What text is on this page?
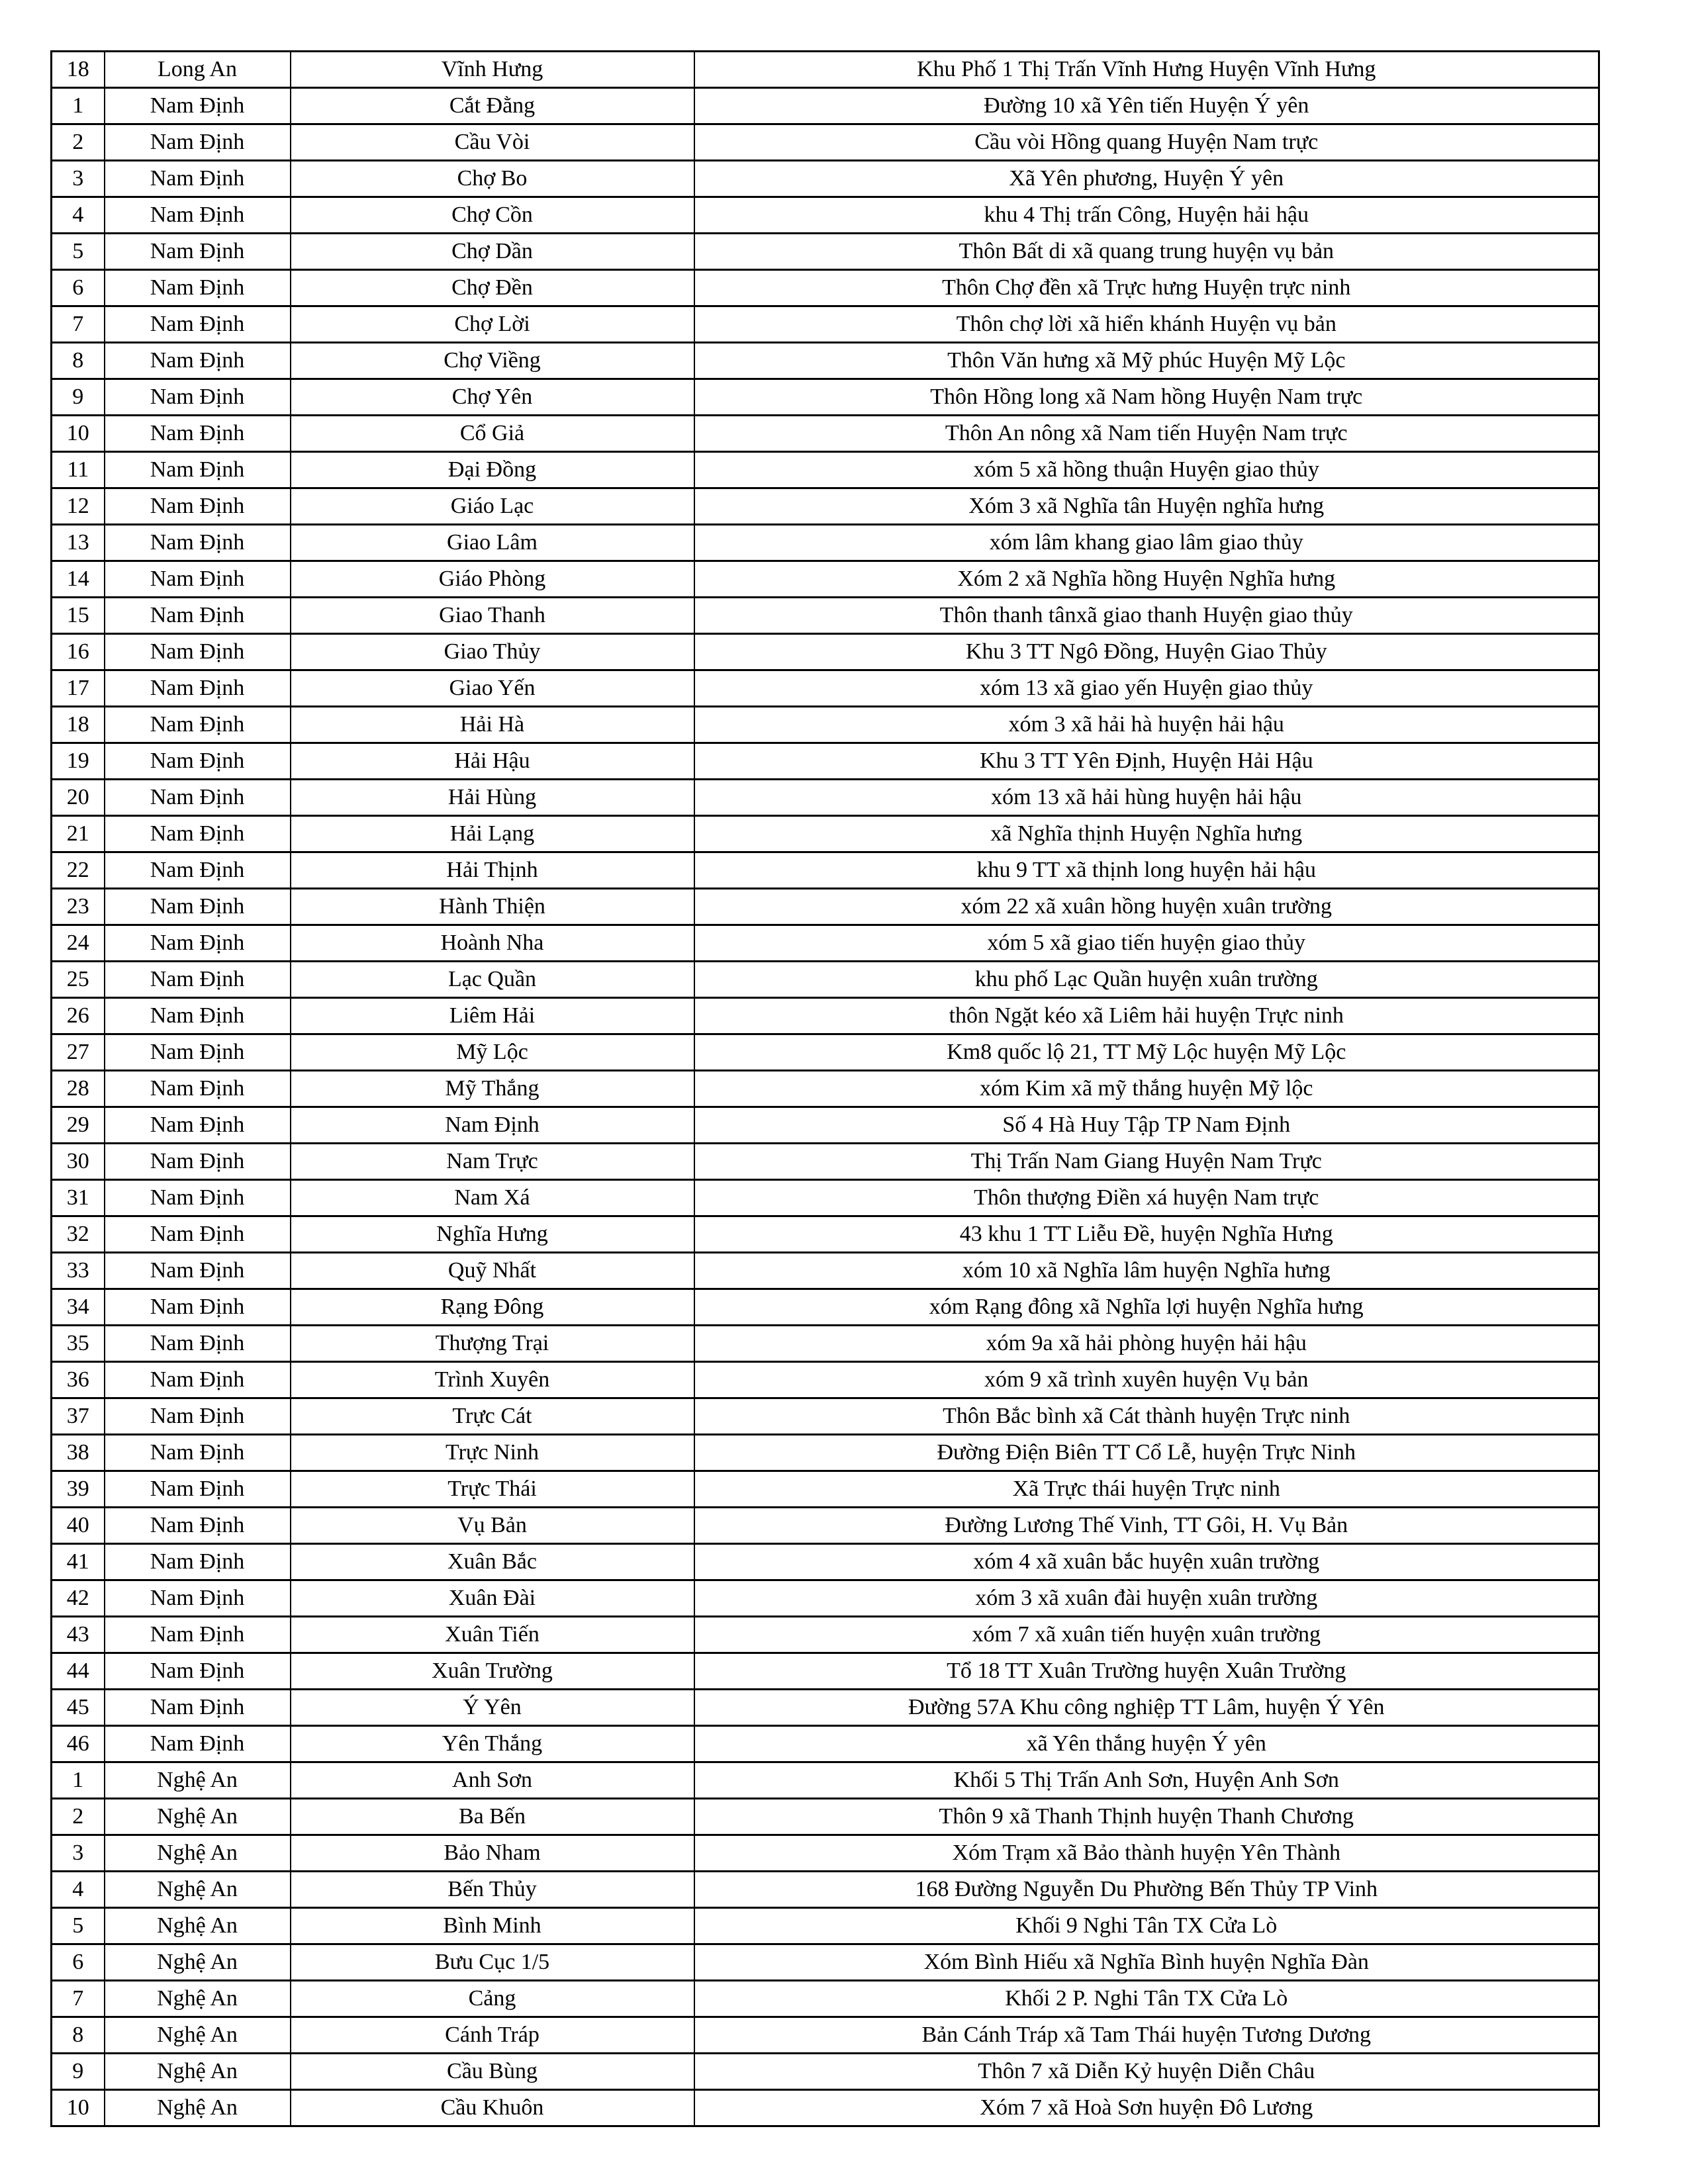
18	Long An	Vĩnh Hưng	Khu Phố 1 Thị Trấn Vĩnh Hưng Huyện Vĩnh Hưng
1	Nam Định	Cắt Đằng	Đường 10 xã Yên tiến Huyện Ý yên
2	Nam Định	Cầu Vòi	Cầu vòi Hồng quang Huyện Nam trực
3	Nam Định	Chợ Bo	Xã Yên phương, Huyện Ý yên
4	Nam Định	Chợ Cồn	khu 4 Thị trấn Công, Huyện hải hậu
5	Nam Định	Chợ Dần	Thôn Bất di xã quang trung huyện vụ bản
6	Nam Định	Chợ Đền	Thôn Chợ đền xã Trực hưng Huyện trực ninh
7	Nam Định	Chợ Lời	Thôn chợ lời xã hiển khánh Huyện vụ bản
8	Nam Định	Chợ Viềng	Thôn Văn hưng xã Mỹ phúc Huyện Mỹ Lộc
9	Nam Định	Chợ Yên	Thôn Hồng long xã Nam hồng Huyện Nam trực
10	Nam Định	Cổ Giả	Thôn An nông xã Nam tiến Huyện Nam trực
11	Nam Định	Đại Đồng	xóm 5 xã hồng thuận Huyện giao thủy
12	Nam Định	Giáo Lạc	Xóm 3 xã Nghĩa tân Huyện nghĩa hưng
13	Nam Định	Giao Lâm	xóm lâm khang giao lâm giao thủy
14	Nam Định	Giáo Phòng	Xóm 2 xã Nghĩa hồng Huyện Nghĩa hưng
15	Nam Định	Giao Thanh	Thôn thanh tânxã giao thanh Huyện giao thủy
16	Nam Định	Giao Thủy	Khu 3 TT Ngô Đồng, Huyện Giao Thủy
17	Nam Định	Giao Yến	xóm 13 xã giao yến Huyện giao thủy
18	Nam Định	Hải Hà	xóm 3 xã hải hà huyện hải hậu
19	Nam Định	Hải Hậu	Khu 3 TT Yên Định, Huyện Hải Hậu
20	Nam Định	Hải Hùng	xóm 13 xã hải hùng huyện hải hậu
21	Nam Định	Hải Lạng	xã Nghĩa thịnh Huyện Nghĩa hưng
22	Nam Định	Hải Thịnh	khu 9 TT xã thịnh long huyện hải hậu
23	Nam Định	Hành Thiện	xóm 22 xã xuân hồng huyện xuân trường
24	Nam Định	Hoành Nha	xóm 5 xã giao tiến huyện giao thủy
25	Nam Định	Lạc Quần	khu phố Lạc Quần huyện xuân trường
26	Nam Định	Liêm Hải	thôn Ngặt kéo xã Liêm hải huyện Trực ninh
27	Nam Định	Mỹ Lộc	Km8 quốc lộ 21, TT Mỹ Lộc huyện Mỹ Lộc
28	Nam Định	Mỹ Thắng	xóm Kim xã mỹ thắng huyện Mỹ lộc
29	Nam Định	Nam Định	Số 4 Hà Huy Tập TP Nam Định
30	Nam Định	Nam Trực	Thị Trấn Nam Giang Huyện Nam Trực
31	Nam Định	Nam Xá	Thôn thượng Điền xá huyện Nam trực
32	Nam Định	Nghĩa Hưng	43 khu 1 TT Liễu Đề, huyện Nghĩa Hưng
33	Nam Định	Quỹ Nhất	xóm 10 xã Nghĩa lâm huyện Nghĩa hưng
34	Nam Định	Rạng Đông	xóm Rạng đông xã Nghĩa lợi huyện Nghĩa hưng
35	Nam Định	Thượng Trại	xóm 9a xã hải phòng huyện hải hậu
36	Nam Định	Trình Xuyên	xóm 9 xã trình xuyên huyện Vụ bản
37	Nam Định	Trực Cát	Thôn Bắc bình xã Cát thành huyện Trực ninh
38	Nam Định	Trực Ninh	Đường Điện Biên TT Cổ Lễ, huyện Trực Ninh
39	Nam Định	Trực Thái	Xã Trực thái huyện Trực ninh
40	Nam Định	Vụ Bản	Đường Lương Thế Vinh, TT Gôi, H. Vụ Bản
41	Nam Định	Xuân Bắc	xóm 4 xã xuân bắc huyện xuân trường
42	Nam Định	Xuân Đài	xóm 3 xã xuân đài huyện xuân trường
43	Nam Định	Xuân Tiến	xóm 7 xã xuân tiến huyện xuân trường
44	Nam Định	Xuân Trường	Tổ 18 TT Xuân Trường huyện Xuân Trường
45	Nam Định	Ý Yên	Đường 57A Khu công nghiệp TT Lâm, huyện Ý Yên
46	Nam Định	Yên Thắng	xã Yên thắng huyện Ý yên
1	Nghệ An	Anh Sơn	Khối 5 Thị Trấn Anh Sơn, Huyện Anh Sơn
2	Nghệ An	Ba Bến	Thôn 9 xã Thanh Thịnh huyện Thanh Chương
3	Nghệ An	Bảo Nham	Xóm Trạm xã Bảo thành huyện Yên Thành
4	Nghệ An	Bến Thủy	168 Đường Nguyễn Du Phường Bến Thủy TP Vinh
5	Nghệ An	Bình Minh	Khối 9 Nghi Tân TX Cửa Lò
6	Nghệ An	Bưu Cục 1/5	Xóm Bình Hiếu xã Nghĩa Bình huyện Nghĩa Đàn
7	Nghệ An	Cảng	Khối 2 P. Nghi Tân TX Cửa Lò
8	Nghệ An	Cánh Tráp	Bản Cánh Tráp xã Tam Thái huyện Tương Dương
9	Nghệ An	Cầu Bùng	Thôn 7 xã Diễn Kỷ huyện Diễn Châu
10	Nghệ An	Cầu Khuôn	Xóm 7 xã Hoà Sơn huyện Đô Lương
